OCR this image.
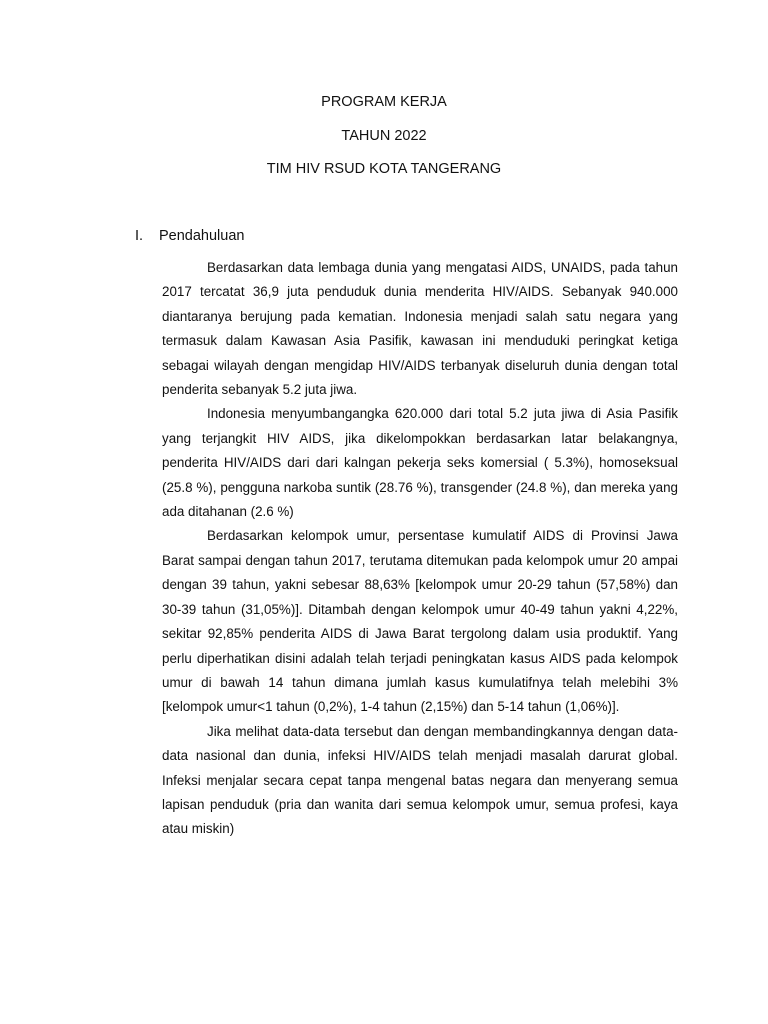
PROGRAM KERJA
TAHUN 2022
TIM HIV RSUD KOTA TANGERANG
I.	Pendahuluan

Berdasarkan data lembaga dunia yang mengatasi AIDS, UNAIDS, pada tahun 2017 tercatat 36,9 juta penduduk dunia menderita HIV/AIDS. Sebanyak 940.000 diantaranya berujung pada kematian. Indonesia menjadi salah satu negara yang termasuk dalam Kawasan Asia Pasifik, kawasan ini menduduki peringkat ketiga sebagai wilayah dengan mengidap HIV/AIDS terbanyak diseluruh dunia dengan total penderita sebanyak 5.2 juta jiwa.

Indonesia menyumbangangka 620.000 dari total 5.2 juta jiwa di Asia Pasifik yang terjangkit HIV AIDS, jika dikelompokkan berdasarkan latar belakangnya, penderita HIV/AIDS dari dari kalngan pekerja seks komersial ( 5.3%), homoseksual (25.8 %), pengguna narkoba suntik (28.76 %), transgender (24.8 %), dan mereka yang ada ditahanan (2.6 %)

Berdasarkan kelompok umur, persentase kumulatif AIDS di Provinsi Jawa Barat sampai dengan tahun 2017, terutama ditemukan pada kelompok umur 20 ampai dengan 39 tahun, yakni sebesar 88,63% [kelompok umur 20-29 tahun (57,58%) dan 30-39 tahun (31,05%)]. Ditambah dengan kelompok umur 40-49 tahun yakni 4,22%, sekitar 92,85% penderita AIDS di Jawa Barat tergolong dalam usia produktif. Yang perlu diperhatikan disini adalah telah terjadi peningkatan kasus AIDS pada kelompok umur di bawah 14 tahun dimana jumlah kasus kumulatifnya telah melebihi 3% [kelompok umur<1 tahun (0,2%), 1-4 tahun (2,15%) dan 5-14 tahun (1,06%)].

Jika melihat data-data tersebut dan dengan membandingkannya dengan data-data nasional dan dunia, infeksi HIV/AIDS telah menjadi masalah darurat global. Infeksi menjalar secara cepat tanpa mengenal batas negara dan menyerang semua lapisan penduduk (pria dan wanita dari semua kelompok umur, semua profesi, kaya atau miskin)
